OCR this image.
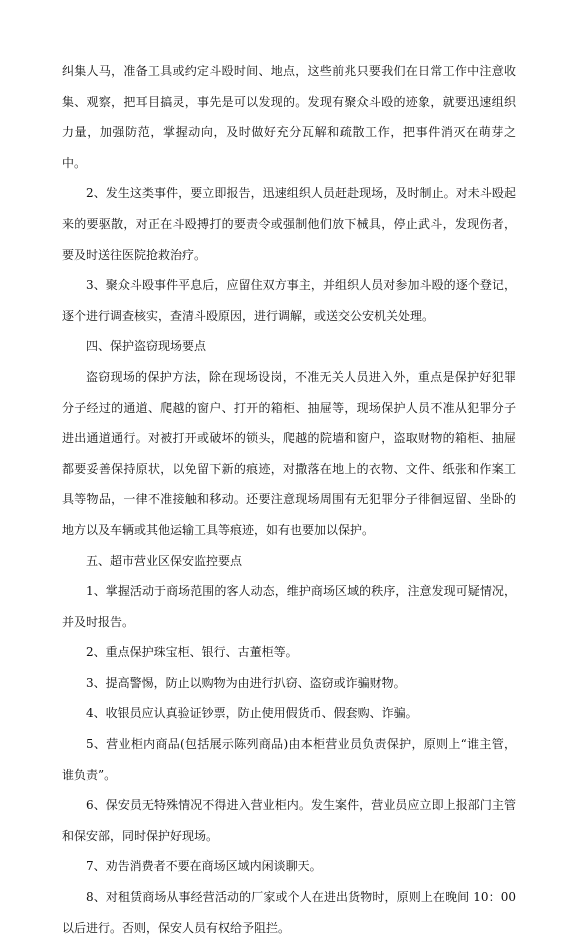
纠集人马，准备工具或约定斗殴时间、地点，这些前兆只要我们在日常工作中注意收集、观察，把耳目搞灵，事先是可以发现的。发现有聚众斗殴的迹象，就要迅速组织力量，加强防范，掌握动向，及时做好充分瓦解和疏散工作，把事件消灭在萌芽之中。

2、发生这类事件，要立即报告，迅速组织人员赶赴现场，及时制止。对未斗殴起来的要驱散，对正在斗殴搏打的要责令或强制他们放下械具，停止武斗，发现伤者，要及时送往医院抢救治疗。

3、聚众斗殴事件平息后，应留住双方事主，并组织人员对参加斗殴的逐个登记，逐个进行调查核实，查清斗殴原因，进行调解，或送交公安机关处理。

四、保护盗窃现场要点

盗窃现场的保护方法，除在现场设岗，不准无关人员进入外，重点是保护好犯罪分子经过的通道、爬越的窗户、打开的箱柜、抽屉等，现场保护人员不准从犯罪分子进出通道通行。对被打开或破坏的锁头，爬越的院墙和窗户，盗取财物的箱柜、抽屉都要妥善保持原状，以免留下新的痕迹，对撒落在地上的衣物、文件、纸张和作案工具等物品，一律不准接触和移动。还要注意现场周围有无犯罪分子徘徊逗留、坐卧的地方以及车辆或其他运输工具等痕迹，如有也要加以保护。

五、超市营业区保安监控要点

1、掌握活动于商场范围的客人动态，维护商场区域的秩序，注意发现可疑情况，并及时报告。

2、重点保护珠宝柜、银行、古董柜等。

3、提高警惕，防止以购物为由进行扒窃、盗窃或诈骗财物。

4、收银员应认真验证钞票，防止使用假货币、假套购、诈骗。

5、营业柜内商品(包括展示陈列商品)由本柜营业员负责保护，原则上“谁主管，谁负责”。

6、保安员无特殊情况不得进入营业柜内。发生案件，营业员应立即上报部门主管和保安部，同时保护好现场。

7、劝告消费者不要在商场区域内闲谈聊天。

8、对租赁商场从事经营活动的厂家或个人在进出货物时，原则上在晚间 10：00 以后进行。否则，保安人员有权给予阻拦。
